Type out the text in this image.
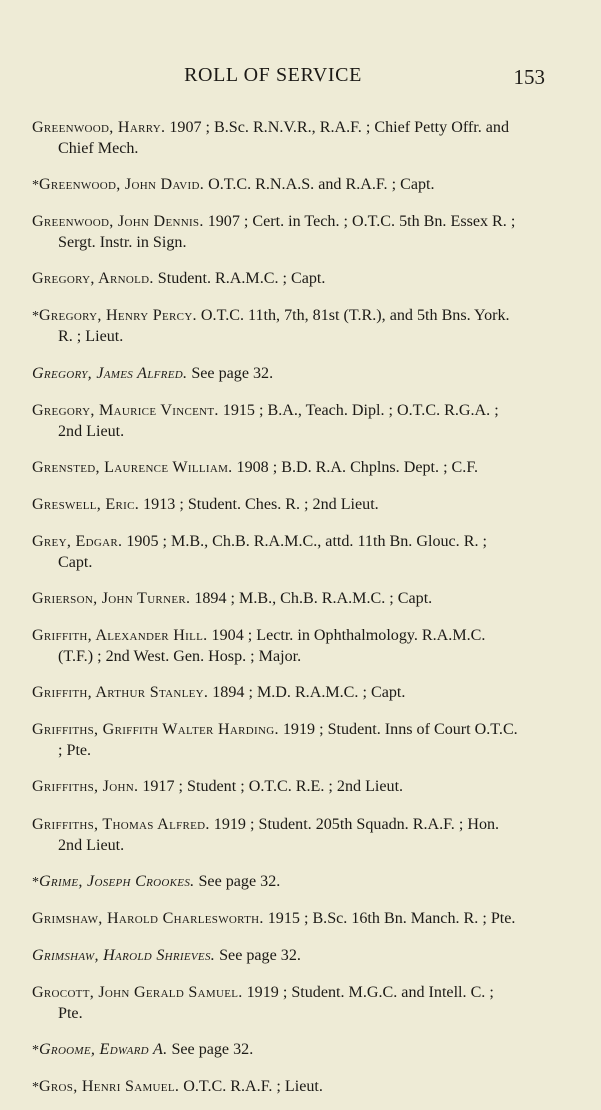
ROLL OF SERVICE	153

Greenwood, Harry. 1907 ; B.Sc. R.N.V.R., R.A.F. ; Chief Petty Offr. and Chief Mech.

*Greenwood, John David. O.T.C. R.N.A.S. and R.A.F. ; Capt.

Greenwood, John Dennis. 1907 ; Cert. in Tech. ; O.T.C. 5th Bn. Essex R. ; Sergt. Instr. in Sign.

Gregory, Arnold. Student. R.A.M.C. ; Capt.

*Gregory, Henry Percy. O.T.C. 11th, 7th, 81st (T.R.), and 5th Bns. York. R. ; Lieut.

Gregory, James Alfred. See page 32.

Gregory, Maurice Vincent. 1915 ; B.A., Teach. Dipl. ; O.T.C. R.G.A. ; 2nd Lieut.

Grensted, Laurence William. 1908 ; B.D. R.A. Chplns. Dept. ; C.F.

Greswell, Eric. 1913 ; Student. Ches. R. ; 2nd Lieut.

Grey, Edgar. 1905 ; M.B., Ch.B. R.A.M.C., attd. 11th Bn. Glouc. R. ; Capt.

Grierson, John Turner. 1894 ; M.B., Ch.B. R.A.M.C. ; Capt.

Griffith, Alexander Hill. 1904 ; Lectr. in Ophthalmology. R.A.M.C. (T.F.) ; 2nd West. Gen. Hosp. ; Major.

Griffith, Arthur Stanley. 1894 ; M.D. R.A.M.C. ; Capt.

Griffiths, Griffith Walter Harding. 1919 ; Student. Inns of Court O.T.C. ; Pte.

Griffiths, John. 1917 ; Student ; O.T.C. R.E. ; 2nd Lieut.

Griffiths, Thomas Alfred. 1919 ; Student. 205th Squadn. R.A.F. ; Hon. 2nd Lieut.

*Grime, Joseph Crookes. See page 32.

Grimshaw, Harold Charlesworth. 1915 ; B.Sc. 16th Bn. Manch. R. ; Pte.

Grimshaw, Harold Shrieves. See page 32.

Grocott, John Gerald Samuel. 1919 ; Student. M.G.C. and Intell. C. ; Pte.

*Groome, Edward A. See page 32.

*Gros, Henri Samuel. O.T.C. R.A.F. ; Lieut.
